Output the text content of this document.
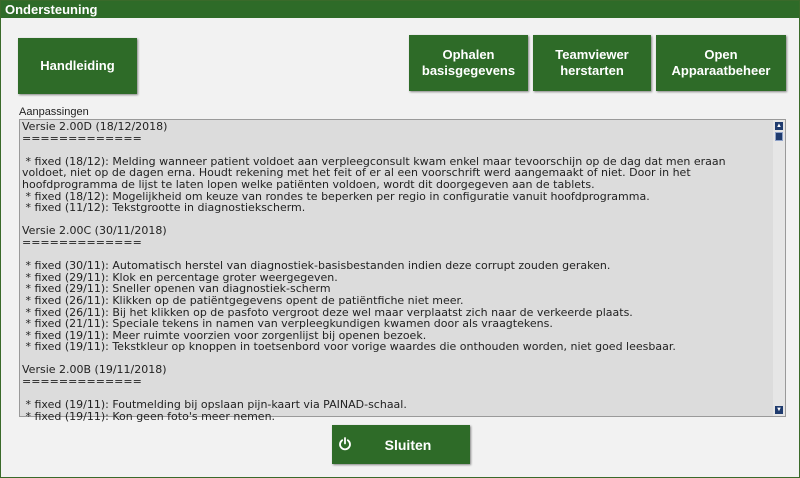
Ondersteuning
Handleiding
Ophalen
basisgegevens
Teamviewer
herstarten
Open
Apparaatbeheer
Aanpassingen
Versie 2.00D (18/12/2018)
=============

* fixed (18/12): Melding wanneer patient voldoet aan verpleegconsult kwam enkel maar tevoorschijn op de dag dat men eraan voldoet, niet op de dagen erna. Houdt rekening met het feit of er al een voorschrift werd aangemaakt of niet. Door in het hoofdprogramma de lijst te laten lopen welke patiënten voldoen, wordt dit doorgegeven aan de tablets.
* fixed (18/12): Mogelijkheid om keuze van rondes te beperken per regio in configuratie vanuit hoofdprogramma.
* fixed (11/12): Tekstgrootte in diagnostiekscherm.

Versie 2.00C (30/11/2018)
=============

* fixed (30/11): Automatisch herstel van diagnostiek-basisbestanden indien deze corrupt zouden geraken.
* fixed (29/11): Klok en percentage groter weergegeven.
* fixed (29/11): Sneller openen van diagnostiek-scherm
* fixed (26/11): Klikken op de patiëntgegevens opent de patiëntfiche niet meer.
* fixed (26/11): Bij het klikken op de pasfoto vergroot deze wel maar verplaatst zich naar de verkeerde plaats.
* fixed (21/11): Speciale tekens in namen van verpleegkundigen kwamen door als vraagtekens.
* fixed (19/11): Meer ruimte voorzien voor zorgenlijst bij openen bezoek.
* fixed (19/11): Tekstkleur op knoppen in toetsenbord voor vorige waardes die onthouden worden, niet goed leesbaar.

Versie 2.00B (19/11/2018)
=============

* fixed (19/11): Foutmelding bij opslaan pijn-kaart via PAINAD-schaal.
* fixed (19/11): Kon geen foto's meer nemen.
▲
▼
Sluiten
